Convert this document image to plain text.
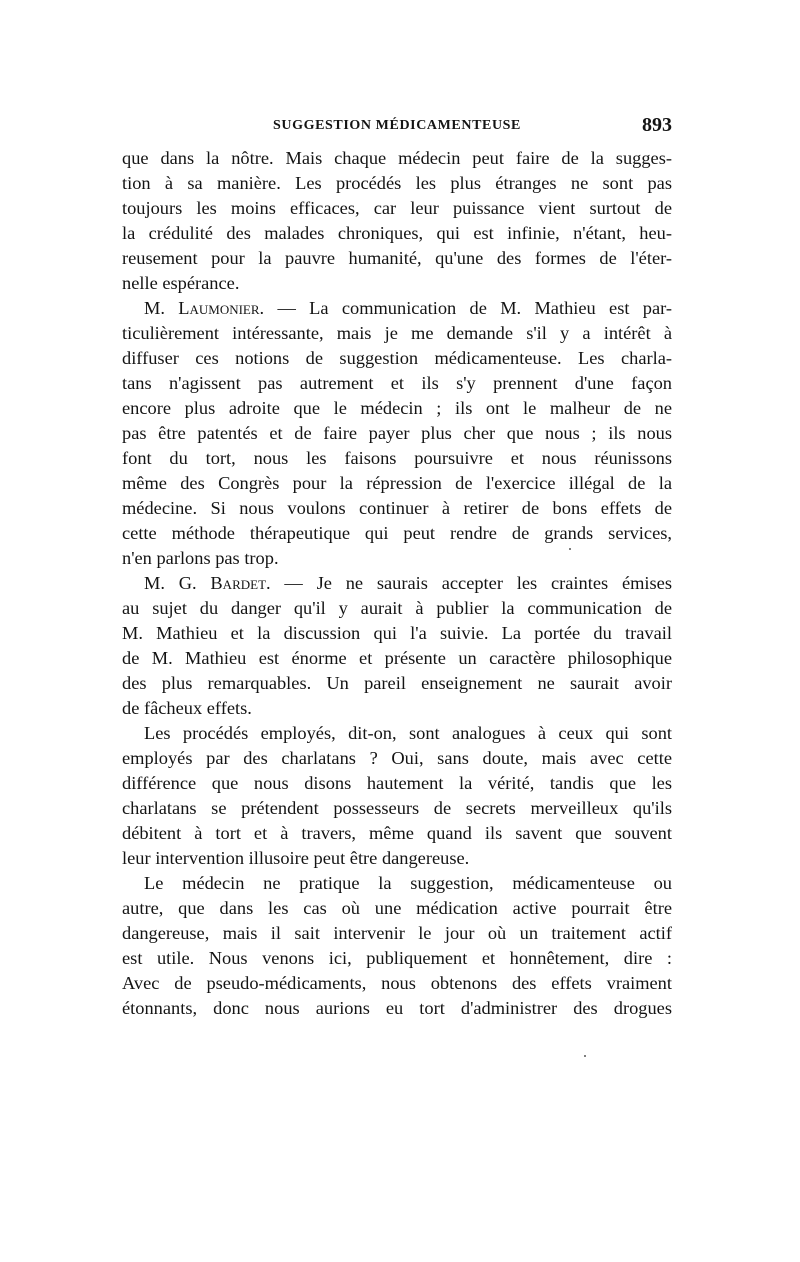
SUGGESTION MÉDICAMENTEUSE	893
que dans la nôtre. Mais chaque médecin peut faire de la sugges-
tion à sa manière. Les procédés les plus étranges ne sont pas
toujours les moins efficaces, car leur puissance vient surtout de
la crédulité des malades chroniques, qui est infinie, n'étant, heu-
reusement pour la pauvre humanité, qu'une des formes de l'éter-
nelle espérance.
M. Laumonier. — La communication de M. Mathieu est par-
ticulièrement intéressante, mais je me demande s'il y a intérêt à
diffuser ces notions de suggestion médicamenteuse. Les charla-
tans n'agissent pas autrement et ils s'y prennent d'une façon
encore plus adroite que le médecin ; ils ont le malheur de ne
pas être patentés et de faire payer plus cher que nous ; ils nous
font du tort, nous les faisons poursuivre et nous réunissons
même des Congrès pour la répression de l'exercice illégal de la
médecine. Si nous voulons continuer à retirer de bons effets de
cette méthode thérapeutique qui peut rendre de grands services,
n'en parlons pas trop.
M. G. Bardet. — Je ne saurais accepter les craintes émises
au sujet du danger qu'il y aurait à publier la communication de
M. Mathieu et la discussion qui l'a suivie. La portée du travail
de M. Mathieu est énorme et présente un caractère philosophique
des plus remarquables. Un pareil enseignement ne saurait avoir
de fâcheux effets.
Les procédés employés, dit-on, sont analogues à ceux qui sont
employés par des charlatans ? Oui, sans doute, mais avec cette
différence que nous disons hautement la vérité, tandis que les
charlatans se prétendent possesseurs de secrets merveilleux qu'ils
débitent à tort et à travers, même quand ils savent que souvent
leur intervention illusoire peut être dangereuse.
Le médecin ne pratique la suggestion, médicamenteuse ou
autre, que dans les cas où une médication active pourrait être
dangereuse, mais il sait intervenir le jour où un traitement actif
est utile. Nous venons ici, publiquement et honnêtement, dire :
Avec de pseudo-médicaments, nous obtenons des effets vraiment
étonnants, donc nous aurions eu tort d'administrer des drogues
